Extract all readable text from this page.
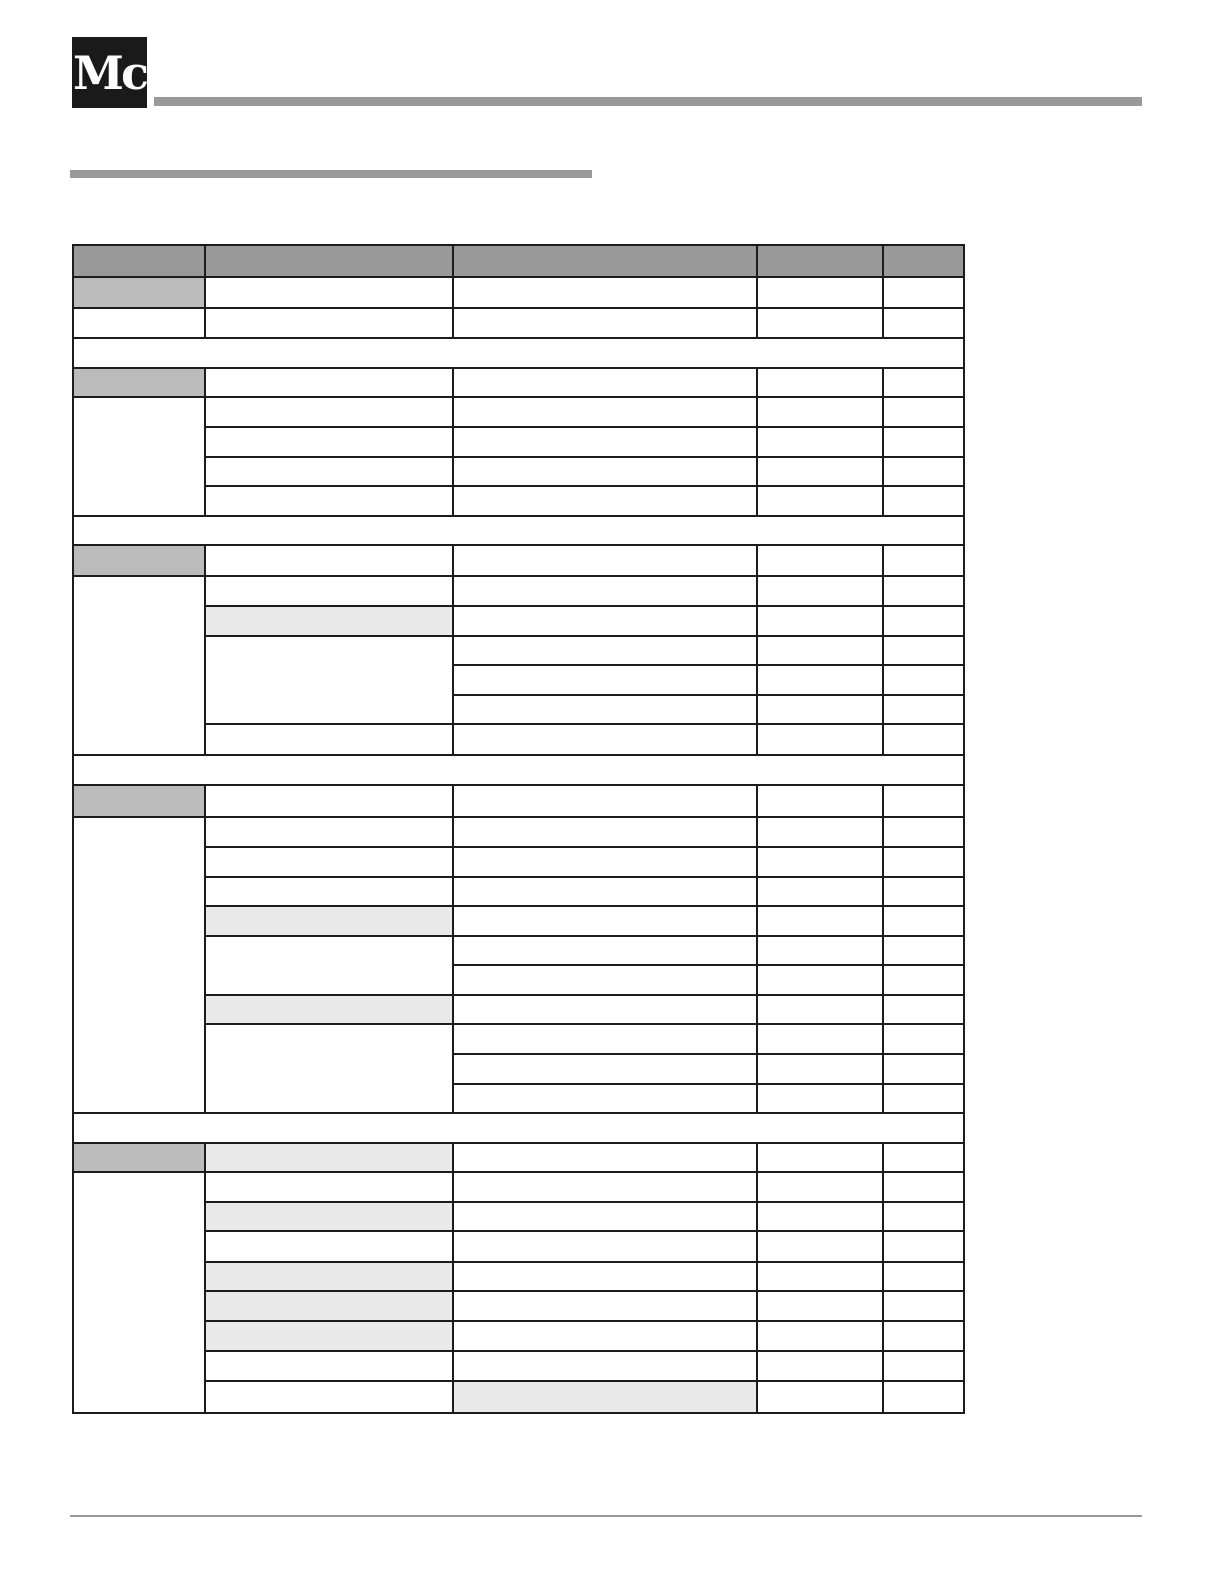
Mc
